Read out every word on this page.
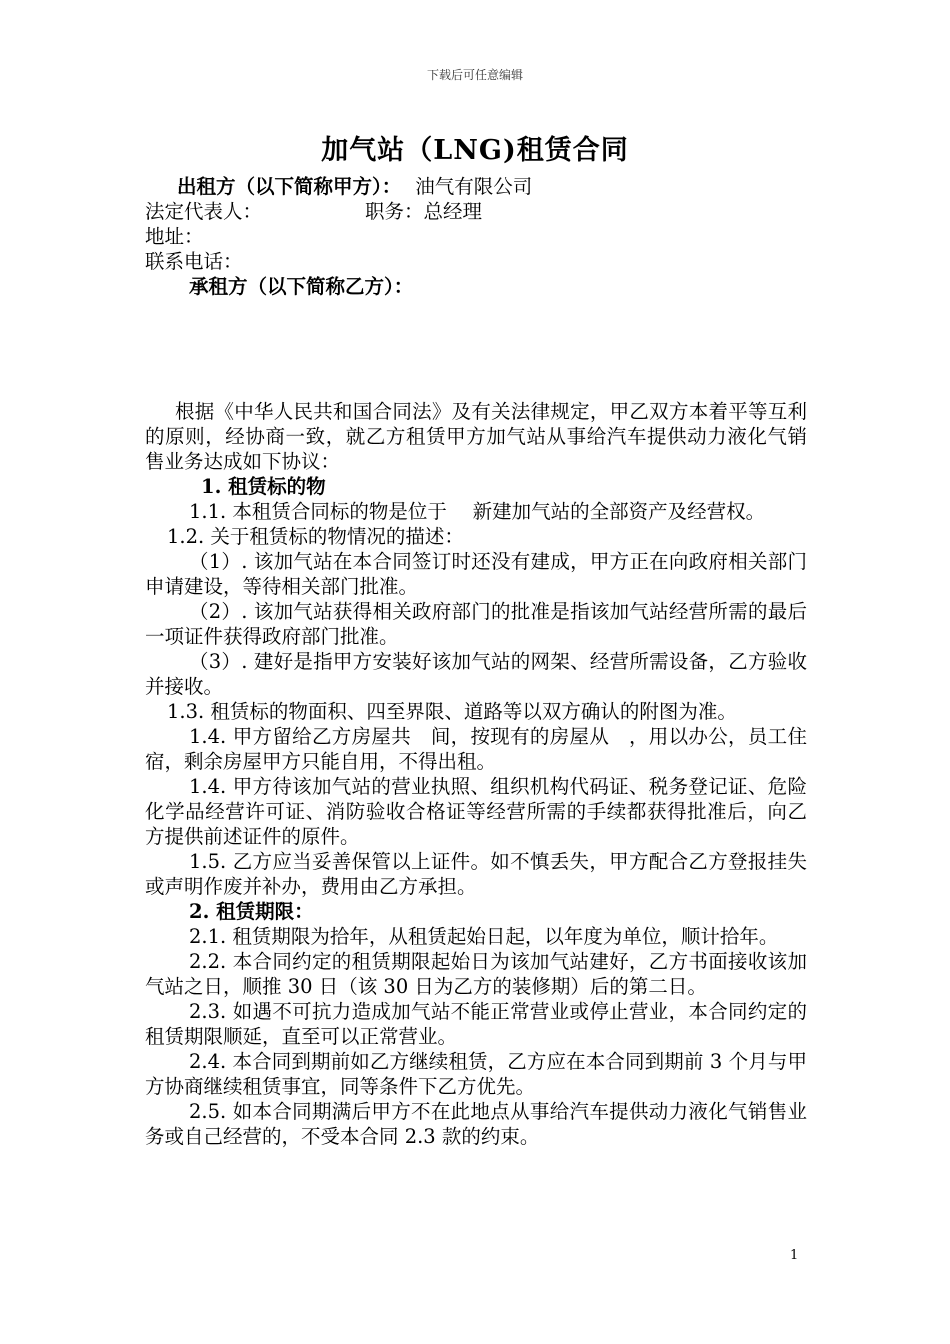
下载后可任意编辑
加气站（LNG)租赁合同
出租方（以下简称甲方）： 油气有限公司
法定代表人：	职务：总经理
地址：
联系电话：
承租方（以下简称乙方）：
根据《中华人民共和国合同法》及有关法律规定，甲乙双方本着平等互利的原则，经协商一致，就乙方租赁甲方加气站从事给汽车提供动力液化气销售业务达成如下协议：
1. 租赁标的物
1.1. 本租赁合同标的物是位于　 新建加气站的全部资产及经营权。
1.2. 关于租赁标的物情况的描述：
（1）. 该加气站在本合同签订时还没有建成，甲方正在向政府相关部门申请建设，等待相关部门批准。
（2）. 该加气站获得相关政府部门的批准是指该加气站经营所需的最后一项证件获得政府部门批准。
（3）. 建好是指甲方安装好该加气站的网架、经营所需设备，乙方验收并接收。
1.3. 租赁标的物面积、四至界限、道路等以双方确认的附图为准。
1.4. 甲方留给乙方房屋共　间，按现有的房屋从　，用以办公，员工住宿，剩余房屋甲方只能自用，不得出租。
1.4. 甲方待该加气站的营业执照、组织机构代码证、税务登记证、危险化学品经营许可证、消防验收合格证等经营所需的手续都获得批准后，向乙方提供前述证件的原件。
1.5. 乙方应当妥善保管以上证件。如不慎丢失，甲方配合乙方登报挂失或声明作废并补办，费用由乙方承担。
2. 租赁期限：
2.1. 租赁期限为拾年，从租赁起始日起，以年度为单位，顺计拾年。
2.2. 本合同约定的租赁期限起始日为该加气站建好，乙方书面接收该加气站之日，顺推 30 日（该 30 日为乙方的装修期）后的第二日。
2.3. 如遇不可抗力造成加气站不能正常营业或停止营业，本合同约定的租赁期限顺延，直至可以正常营业。
2.4. 本合同到期前如乙方继续租赁，乙方应在本合同到期前 3 个月与甲方协商继续租赁事宜，同等条件下乙方优先。
2.5. 如本合同期满后甲方不在此地点从事给汽车提供动力液化气销售业务或自己经营的，不受本合同 2.3 款的约束。
1
